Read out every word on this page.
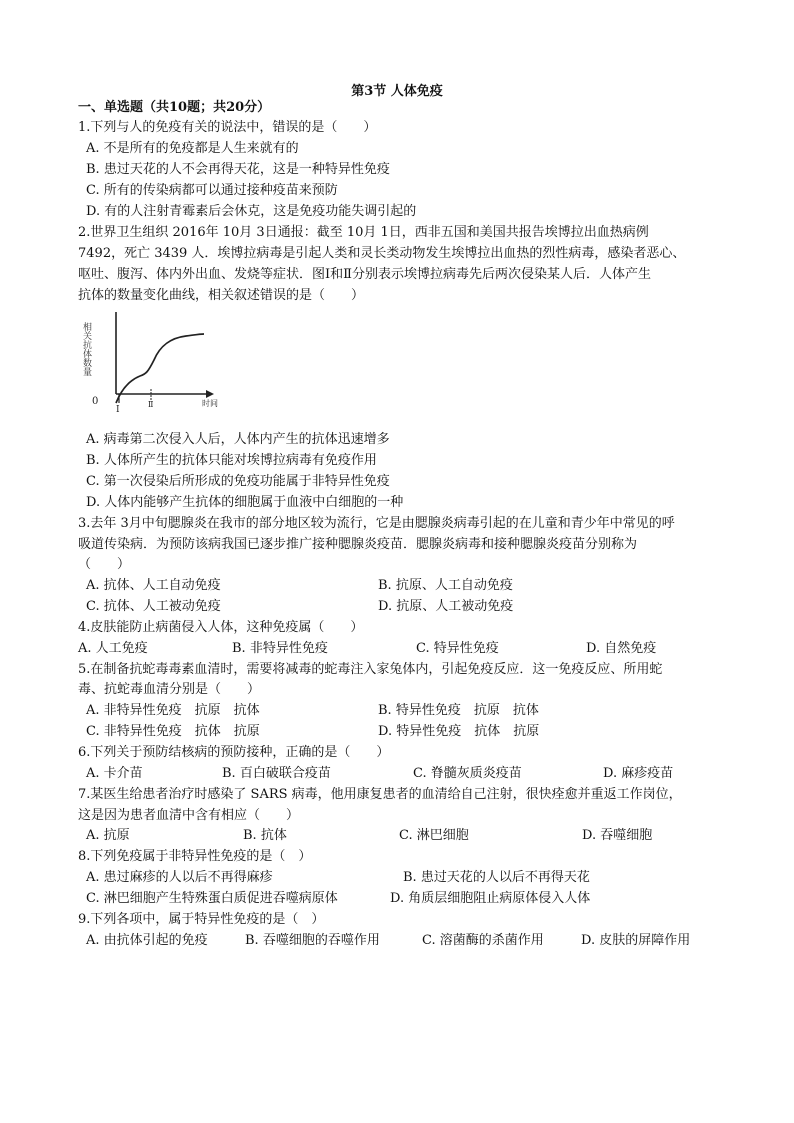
第3节 人体免疫
一、单选题（共10题；共20分）
1.下列与人的免疫有关的说法中，错误的是（　　）
A. 不是所有的免疫都是人生来就有的
B. 患过天花的人不会再得天花，这是一种特异性免疫
C. 所有的传染病都可以通过接种疫苗来预防
D. 有的人注射青霉素后会休克，这是免疫功能失调引起的
2.世界卫生组织 2016年 10月 3日通报：截至 10月 1日，西非五国和美国共报告埃博拉出血热病例
7492，死亡 3439 人．埃博拉病毒是引起人类和灵长类动物发生埃博拉出血热的烈性病毒，感染者恶心、
呕吐、腹泻、体内外出血、发烧等症状．图Ⅰ和Ⅱ分别表示埃博拉病毒先后两次侵染某人后．人体产生
抗体的数量变化曲线，相关叙述错误的是（　　）
相关抗体数量
0	时间
Ⅰ
Ⅱ
A. 病毒第二次侵入人后，人体内产生的抗体迅速增多
B. 人体所产生的抗体只能对埃博拉病毒有免疫作用
C. 第一次侵染后所形成的免疫功能属于非特异性免疫
D. 人体内能够产生抗体的细胞属于血液中白细胞的一种
3.去年 3月中旬腮腺炎在我市的部分地区较为流行，它是由腮腺炎病毒引起的在儿童和青少年中常见的呼
吸道传染病．为预防该病我国已逐步推广接种腮腺炎疫苗．腮腺炎病毒和接种腮腺炎疫苗分别称为
（　　）
A. 抗体、人工自动免疫	B. 抗原、人工自动免疫
C. 抗体、人工被动免疫	D. 抗原、人工被动免疫
4.皮肤能防止病菌侵入人体，这种免疫属（　　）
A. 人工免疫	B. 非特异性免疫	C. 特异性免疫	D. 自然免疫
5.在制备抗蛇毒毒素血清时，需要将减毒的蛇毒注入家兔体内，引起免疫反应．这一免疫反应、所用蛇
毒、抗蛇毒血清分别是（　　）
A. 非特异性免疫　抗原　抗体	B. 特异性免疫　抗原　抗体
C. 非特异性免疫　抗体　抗原	D. 特异性免疫　抗体　抗原
6.下列关于预防结核病的预防接种，正确的是（　　）
A. 卡介苗	B. 百白破联合疫苗	C. 脊髓灰质炎疫苗	D. 麻疹疫苗
7.某医生给患者治疗时感染了 SARS 病毒，他用康复患者的血清给自己注射，很快痊愈并重返工作岗位，
这是因为患者血清中含有相应（　　）
A. 抗原	B. 抗体	C. 淋巴细胞	D. 吞噬细胞
8.下列免疫属于非特异性免疫的是（　）
A. 患过麻疹的人以后不再得麻疹	B. 患过天花的人以后不再得天花
C. 淋巴细胞产生特殊蛋白质促进吞噬病原体	D. 角质层细胞阻止病原体侵入人体
9.下列各项中，属于特异性免疫的是（　）
A. 由抗体引起的免疫	B. 吞噬细胞的吞噬作用	C. 溶菌酶的杀菌作用	D. 皮肤的屏障作用
